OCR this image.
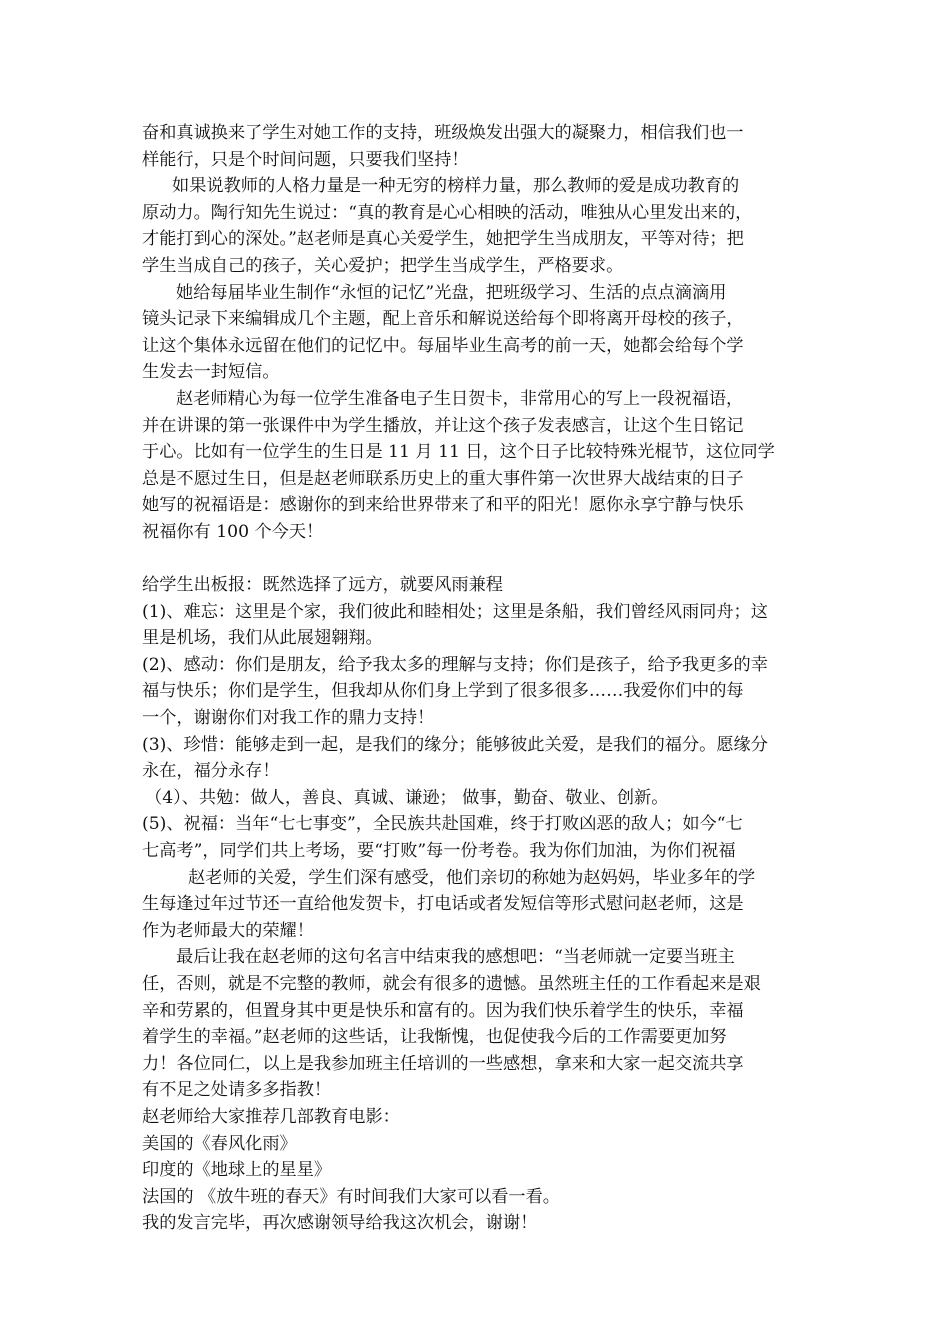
奋和真诚换来了学生对她工作的支持，班级焕发出强大的凝聚力，相信我们也一
样能行，只是个时间问题，只要我们坚持！
如果说教师的人格力量是一种无穷的榜样力量，那么教师的爱是成功教育的
原动力。陶行知先生说过：“真的教育是心心相映的活动，唯独从心里发出来的，
才能打到心的深处。”赵老师是真心关爱学生，她把学生当成朋友，平等对待；把
学生当成自己的孩子，关心爱护；把学生当成学生，严格要求。
她给每届毕业生制作“永恒的记忆”光盘，把班级学习、生活的点点滴滴用
镜头记录下来编辑成几个主题，配上音乐和解说送给每个即将离开母校的孩子，
让这个集体永远留在他们的记忆中。每届毕业生高考的前一天，她都会给每个学
生发去一封短信。
赵老师精心为每一位学生准备电子生日贺卡，非常用心的写上一段祝福语，
并在讲课的第一张课件中为学生播放，并让这个孩子发表感言，让这个生日铭记
于心。比如有一位学生的生日是 11 月 11 日，这个日子比较特殊光棍节，这位同学
总是不愿过生日，但是赵老师联系历史上的重大事件第一次世界大战结束的日子
她写的祝福语是：感谢你的到来给世界带来了和平的阳光！愿你永享宁静与快乐
祝福你有 100 个今天！
给学生出板报：既然选择了远方，就要风雨兼程
(1)、难忘：这里是个家，我们彼此和睦相处；这里是条船，我们曾经风雨同舟；这
里是机场，我们从此展翅翱翔。
(2)、感动：你们是朋友，给予我太多的理解与支持；你们是孩子，给予我更多的幸
福与快乐；你们是学生，但我却从你们身上学到了很多很多……我爱你们中的每
一个，谢谢你们对我工作的鼎力支持！
(3)、珍惜：能够走到一起，是我们的缘分；能够彼此关爱，是我们的福分。愿缘分
永在，福分永存！
（4）、共勉：做人，善良、真诚、谦逊； 做事，勤奋、敬业、创新。
(5)、祝福：当年“七七事变”，全民族共赴国难，终于打败凶恶的敌人；如今“七
七高考”，同学们共上考场，要“打败”每一份考卷。我为你们加油，为你们祝福
赵老师的关爱，学生们深有感受，他们亲切的称她为赵妈妈，毕业多年的学
生每逢过年过节还一直给他发贺卡，打电话或者发短信等形式慰问赵老师，这是
作为老师最大的荣耀！
最后让我在赵老师的这句名言中结束我的感想吧：“当老师就一定要当班主
任，否则，就是不完整的教师，就会有很多的遗憾。虽然班主任的工作看起来是艰
辛和劳累的，但置身其中更是快乐和富有的。因为我们快乐着学生的快乐，幸福
着学生的幸福。”赵老师的这些话，让我惭愧，也促使我今后的工作需要更加努
力！各位同仁，以上是我参加班主任培训的一些感想，拿来和大家一起交流共享
有不足之处请多多指教！
赵老师给大家推荐几部教育电影：
美国的《春风化雨》
印度的《地球上的星星》
法国的 《放牛班的春天》有时间我们大家可以看一看。
我的发言完毕，再次感谢领导给我这次机会，谢谢！
